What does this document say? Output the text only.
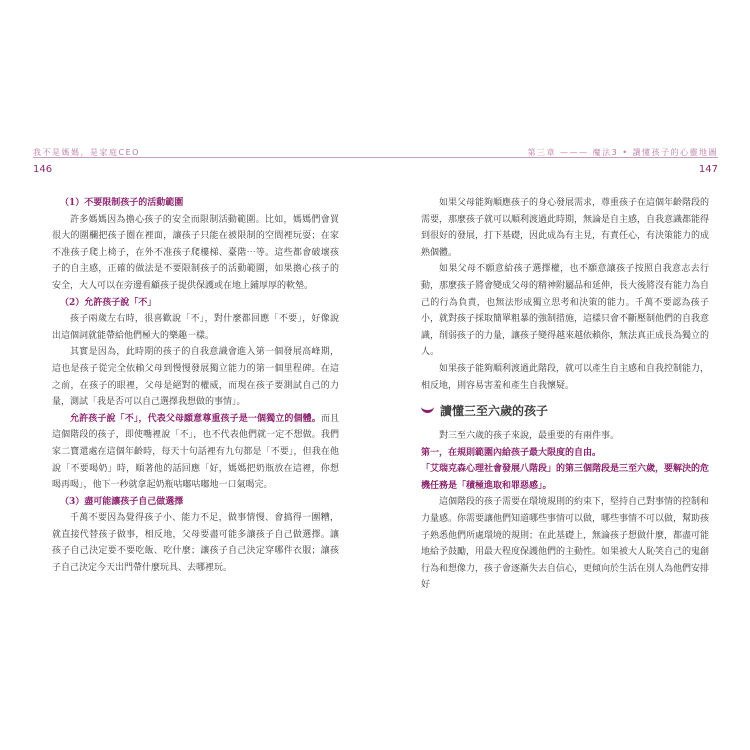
我不是媽媽，是家庭CEO
146

（1）不要限制孩子的活動範圍

許多媽媽因為擔心孩子的安全而限制活動範圍。比如，媽媽們會買很大的圍欄把孩子圈在裡面，讓孩子只能在被限制的空間裡玩耍；在家不准孩子爬上椅子，在外不准孩子爬樓梯、臺階⋯等。這些都會破壞孩子的自主感，正確的做法是不要限制孩子的活動範圍，如果擔心孩子的安全，大人可以在旁邊看顧孩子提供保護或在地上鋪厚厚的軟墊。

（2）允許孩子說「不」

孩子兩歲左右時，很喜歡說「不」，對什麼都回應「不要」，好像說出這個詞就能帶給他們極大的樂趣一樣。

其實是因為，此時期的孩子的自我意識會進入第一個發展高峰期，這也是孩子從完全依賴父母到慢慢發展獨立能力的第一個里程碑。在這之前，在孩子的眼裡，父母是絕對的權威，而現在孩子要測試自己的力量，測試「我是否可以自己選擇我想做的事情」。

允許孩子說「不」，代表父母願意尊重孩子是一個獨立的個體。而且這個階段的孩子，即使嘴裡說「不」，也不代表他們就一定不想做。我們家二寶還處在這個年齡時，每天十句話裡有九句都是「不要」，但我在他說「不要喝奶」時，順著他的話回應「好，媽媽把奶瓶放在這裡，你想喝再喝」，他下一秒就拿起奶瓶咕嘟咕嘟地一口氣喝完。

（3）盡可能讓孩子自己做選擇

千萬不要因為覺得孩子小、能力不足，做事情慢、會搞得一團糟，就直接代替孩子做事，相反地，父母要盡可能多讓孩子自己做選擇。讓孩子自己決定要不要吃飯、吃什麼；讓孩子自己決定穿哪件衣服；讓孩子自己決定今天出門帶什麼玩具、去哪裡玩。

第三章 ——— 魔法3 • 讀懂孩子的心靈地圖
147

如果父母能夠順應孩子的身心發展需求，尊重孩子在這個年齡階段的需要，那麼孩子就可以順利渡過此時期，無論是自主感，自我意識都能得到很好的發展，打下基礎，因此成為有主見，有責任心，有決策能力的成熟個體。

如果父母不願意給孩子選擇權，也不願意讓孩子按照自我意志去行動，那麼孩子將會變成父母的精神附屬品和延伸，長大後將沒有能力為自己的行為負責，也無法形成獨立思考和決策的能力。千萬不要認為孩子小，就對孩子採取簡單粗暴的強制措施，這樣只會不斷壓制他們的自我意識，削弱孩子的力量，讓孩子變得越來越依賴你，無法真正成長為獨立的人。

如果孩子能夠順利渡過此階段，就可以產生自主感和自我控制能力，相反地，則容易害羞和產生自我懷疑。

讀懂三至六歲的孩子

對三至六歲的孩子來說，最重要的有兩件事。

第一，在規則範圍內給孩子最大限度的自由。

「艾瑞克森心理社會發展八階段」的第三個階段是三至六歲，要解決的危機任務是「積極進取和罪惡感」。

這個階段的孩子需要在環境規則的約束下，堅持自己對事情的控制和力量感。你需要讓他們知道哪些事情可以做，哪些事情不可以做，幫助孩子熟悉他們所處環境的規則；在此基礎上，無論孩子想做什麼，都盡可能地給予鼓勵，用最大程度保護他們的主動性。如果被大人恥笑自己的鬼創行為和想像力，孩子會逐漸失去自信心，更傾向於生活在別人為他們安排好
